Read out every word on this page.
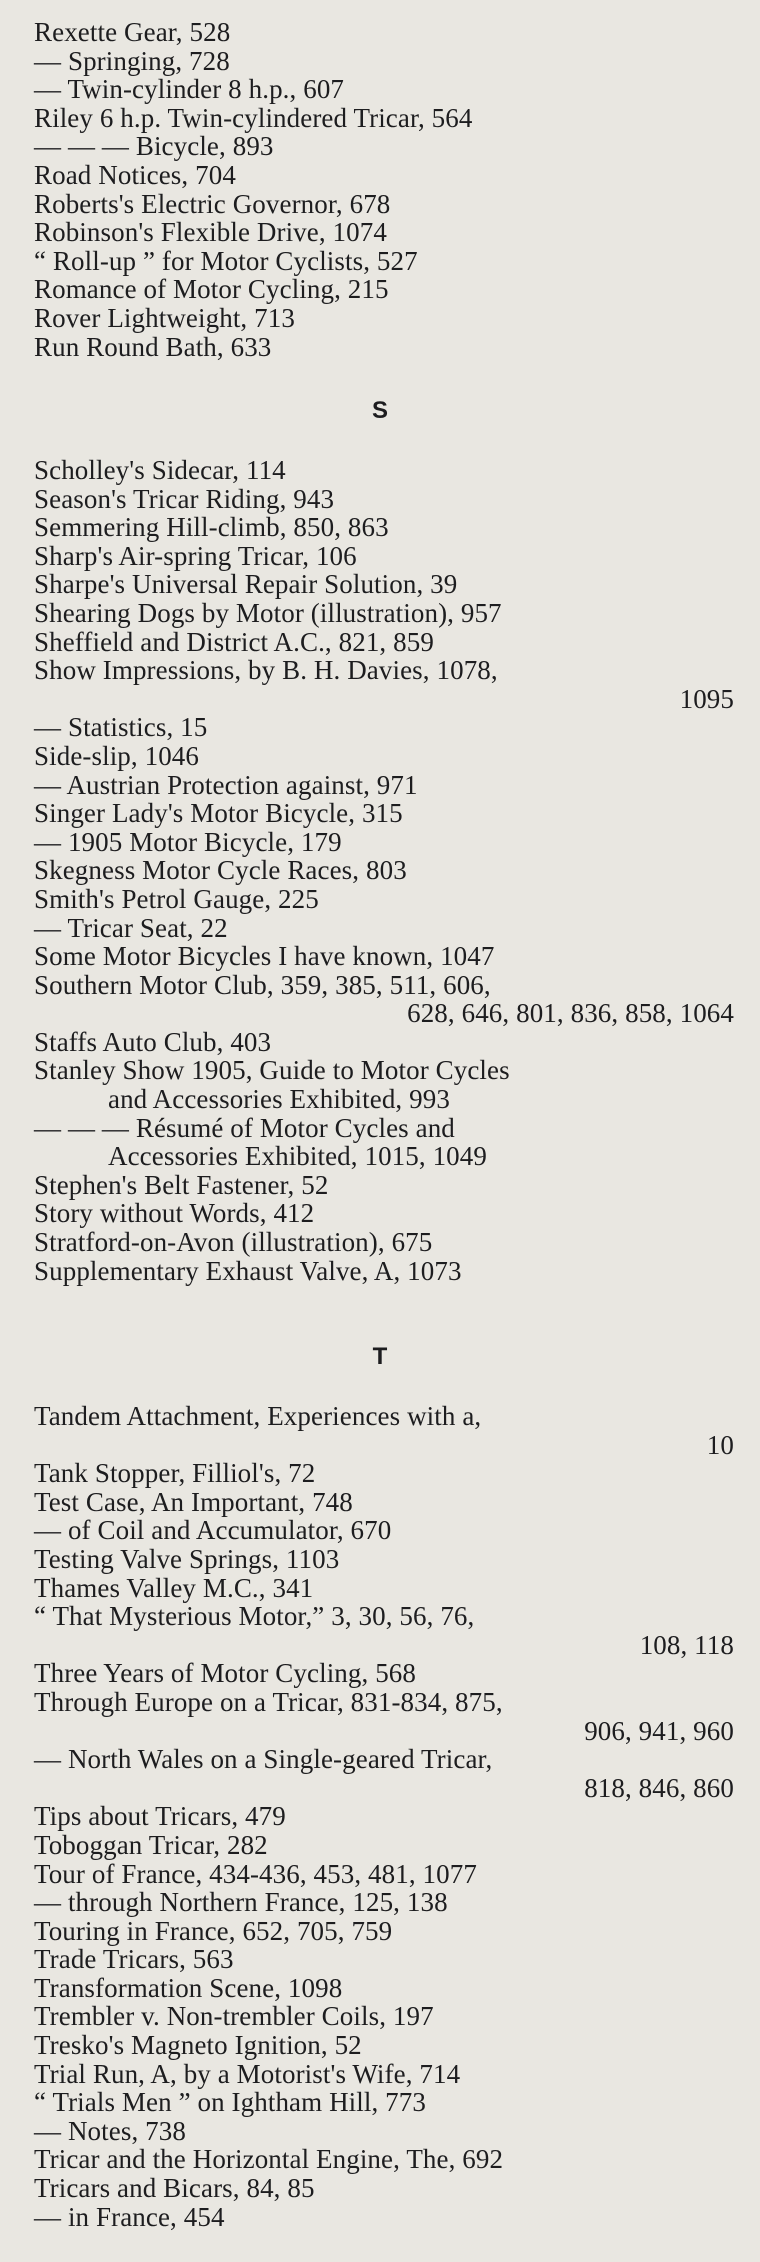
Rexette Gear, 528
— Springing, 728
— Twin-cylinder 8 h.p., 607
Riley 6 h.p. Twin-cylindered Tricar, 564
— — — Bicycle, 893
Road Notices, 704
Roberts's Electric Governor, 678
Robinson's Flexible Drive, 1074
“ Roll-up ” for Motor Cyclists, 527
Romance of Motor Cycling, 215
Rover Lightweight, 713
Run Round Bath, 633
S
Scholley's Sidecar, 114
Season's Tricar Riding, 943
Semmering Hill-climb, 850, 863
Sharp's Air-spring Tricar, 106
Sharpe's Universal Repair Solution, 39
Shearing Dogs by Motor (illustration), 957
Sheffield and District A.C., 821, 859
Show Impressions, by B. H. Davies, 1078,
1095
— Statistics, 15
Side-slip, 1046
— Austrian Protection against, 971
Singer Lady's Motor Bicycle, 315
— 1905 Motor Bicycle, 179
Skegness Motor Cycle Races, 803
Smith's Petrol Gauge, 225
— Tricar Seat, 22
Some Motor Bicycles I have known, 1047
Southern Motor Club, 359, 385, 511, 606,
628, 646, 801, 836, 858, 1064
Staffs Auto Club, 403
Stanley Show 1905, Guide to Motor Cycles
and Accessories Exhibited, 993
— — — Résumé of Motor Cycles and
Accessories Exhibited, 1015, 1049
Stephen's Belt Fastener, 52
Story without Words, 412
Stratford-on-Avon (illustration), 675
Supplementary Exhaust Valve, A, 1073
T
Tandem Attachment, Experiences with a,
10
Tank Stopper, Filliol's, 72
Test Case, An Important, 748
— of Coil and Accumulator, 670
Testing Valve Springs, 1103
Thames Valley M.C., 341
“ That Mysterious Motor,” 3, 30, 56, 76,
108, 118
Three Years of Motor Cycling, 568
Through Europe on a Tricar, 831-834, 875,
906, 941, 960
— North Wales on a Single-geared Tricar,
818, 846, 860
Tips about Tricars, 479
Toboggan Tricar, 282
Tour of France, 434-436, 453, 481, 1077
— through Northern France, 125, 138
Touring in France, 652, 705, 759
Trade Tricars, 563
Transformation Scene, 1098
Trembler v. Non-trembler Coils, 197
Tresko's Magneto Ignition, 52
Trial Run, A, by a Motorist's Wife, 714
“ Trials Men ” on Ightham Hill, 773
— Notes, 738
Tricar and the Horizontal Engine, The, 692
Tricars and Bicars, 84, 85
— in France, 454
